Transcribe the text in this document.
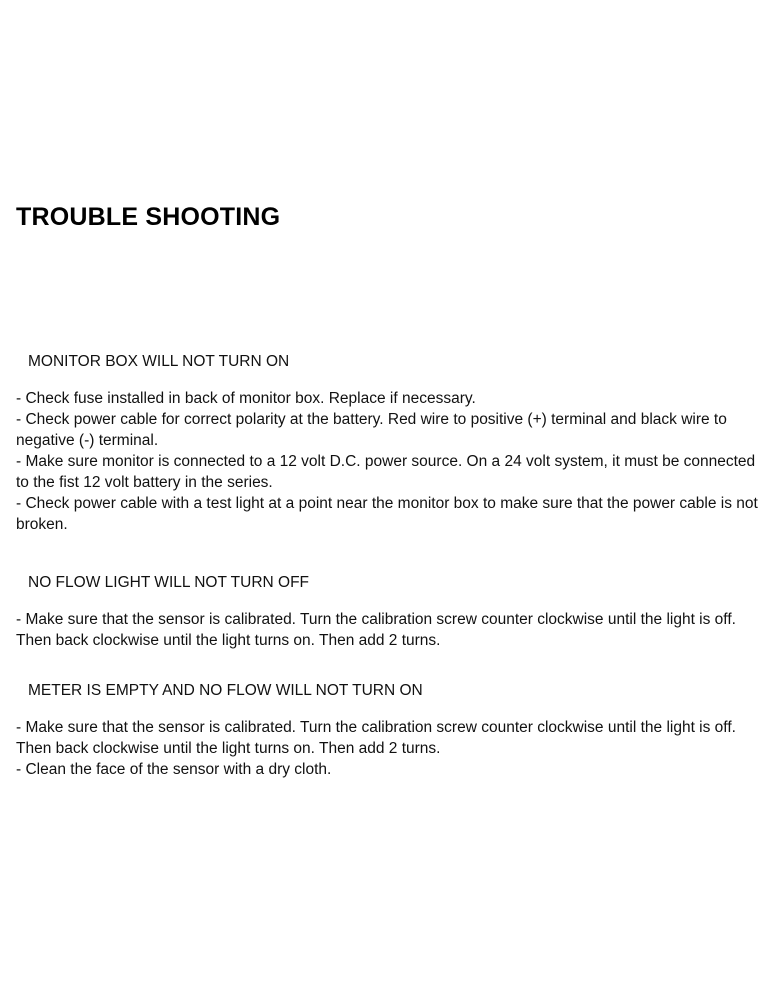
TROUBLE SHOOTING

MONITOR BOX WILL NOT TURN ON

- Check fuse installed in back of monitor box. Replace if necessary.
- Check power cable for correct polarity at the battery. Red wire to positive (+) terminal and black wire to negative (-) terminal.
- Make sure monitor is connected to a 12 volt D.C. power source. On a 24 volt system, it must be connected to the fist 12 volt battery in the series.
- Check power cable with a test light at a point near the monitor box to make sure that the power cable is not broken.

NO FLOW LIGHT WILL NOT TURN OFF

- Make sure that the sensor is calibrated. Turn the calibration screw counter clockwise until the light is off. Then back clockwise until the light turns on. Then add 2 turns.

METER IS EMPTY AND NO FLOW WILL NOT TURN ON

- Make sure that the sensor is calibrated. Turn the calibration screw counter clockwise until the light is off. Then back clockwise until the light turns on. Then add 2 turns.
- Clean the face of the sensor with a dry cloth.
